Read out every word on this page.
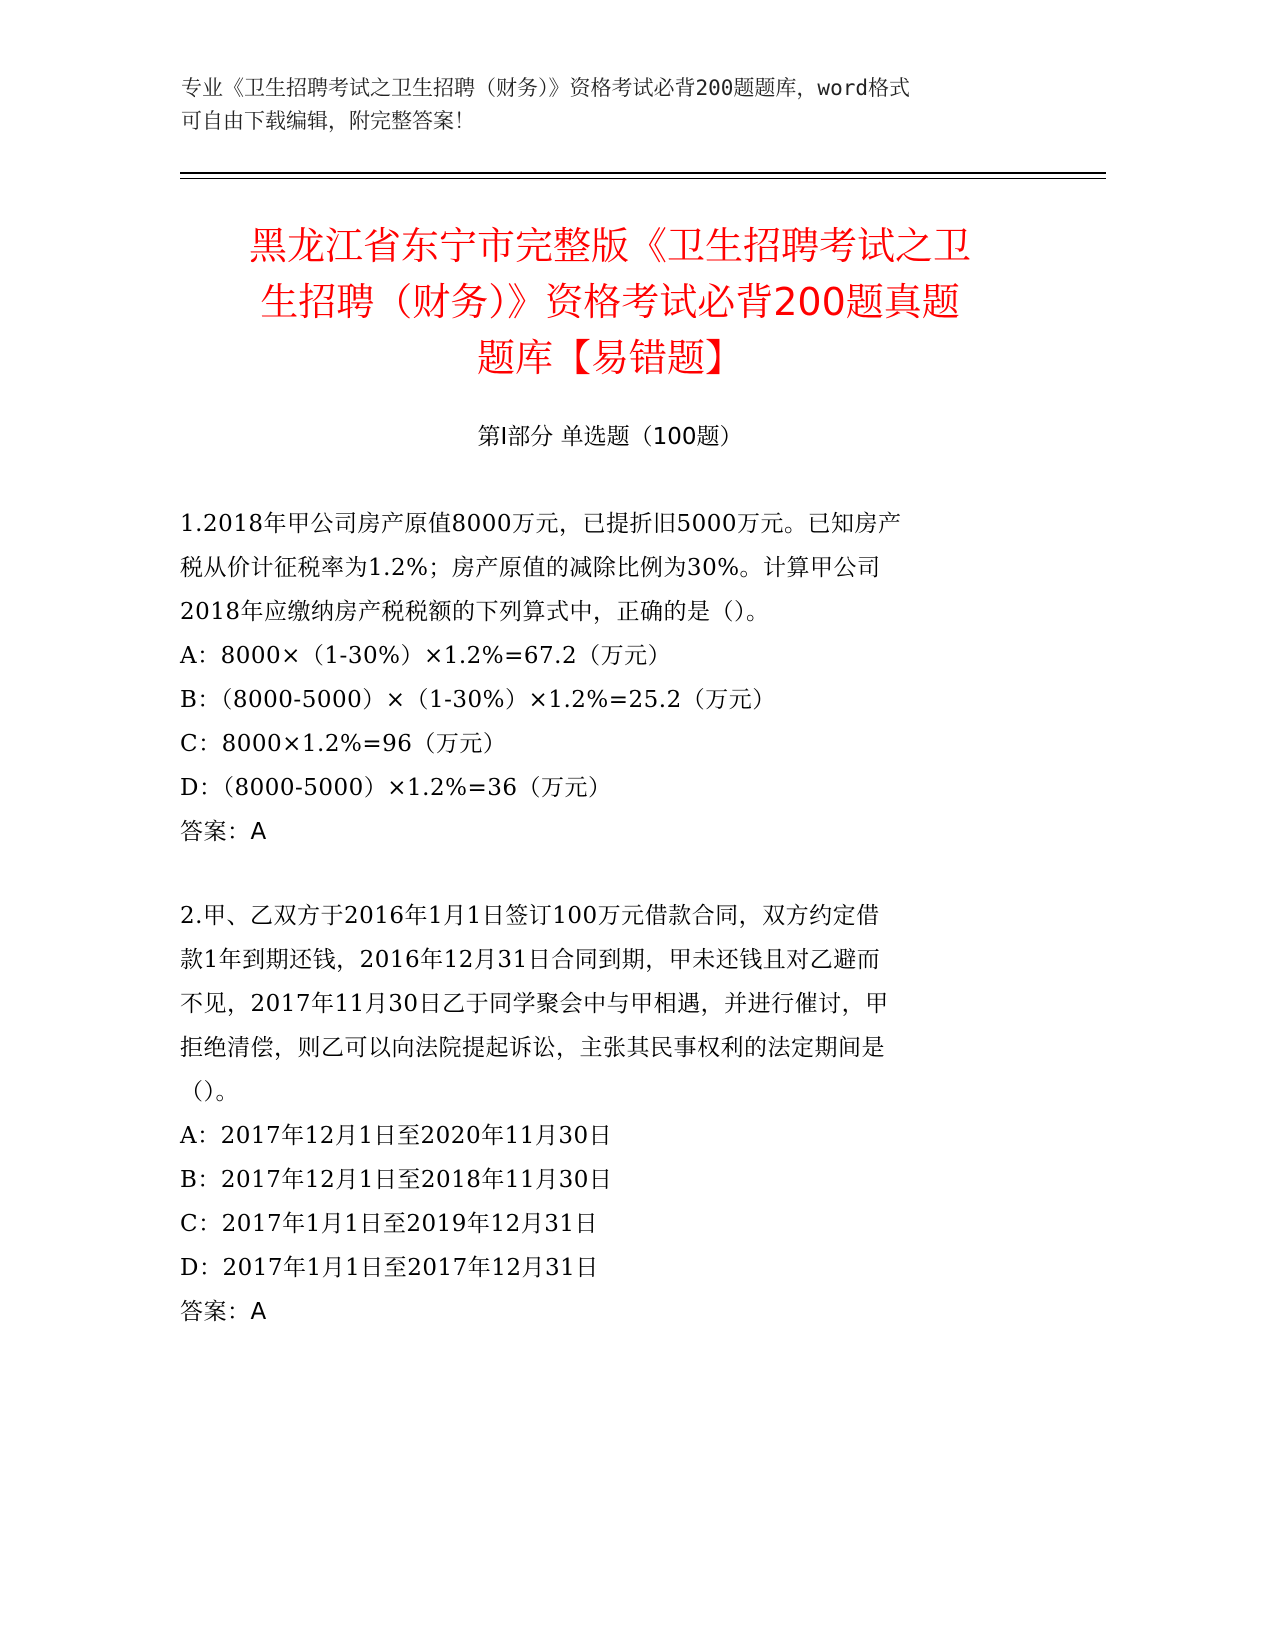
专业《卫生招聘考试之卫生招聘（财务）》资格考试必背200题题库，word格式
可自由下载编辑，附完整答案！
黑龙江省东宁市完整版《卫生招聘考试之卫
生招聘（财务）》资格考试必背200题真题
题库【易错题】
第I部分 单选题（100题）

1.2018年甲公司房产原值8000万元，已提折旧5000万元。已知房产

税从价计征税率为1.2%；房产原值的减除比例为30%。计算甲公司

2018年应缴纳房产税税额的下列算式中，正确的是（）。

A：8000×（1-30%）×1.2%=67.2（万元）

B：（8000-5000）×（1-30%）×1.2%=25.2（万元）

C：8000×1.2%=96（万元）

D：（8000-5000）×1.2%=36（万元）

答案：A

2.甲、乙双方于2016年1月1日签订100万元借款合同，双方约定借

款1年到期还钱，2016年12月31日合同到期，甲未还钱且对乙避而

不见，2017年11月30日乙于同学聚会中与甲相遇，并进行催讨，甲

拒绝清偿，则乙可以向法院提起诉讼，主张其民事权利的法定期间是

（）。

A：2017年12月1日至2020年11月30日

B：2017年12月1日至2018年11月30日

C：2017年1月1日至2019年12月31日

D：2017年1月1日至2017年12月31日

答案：A
